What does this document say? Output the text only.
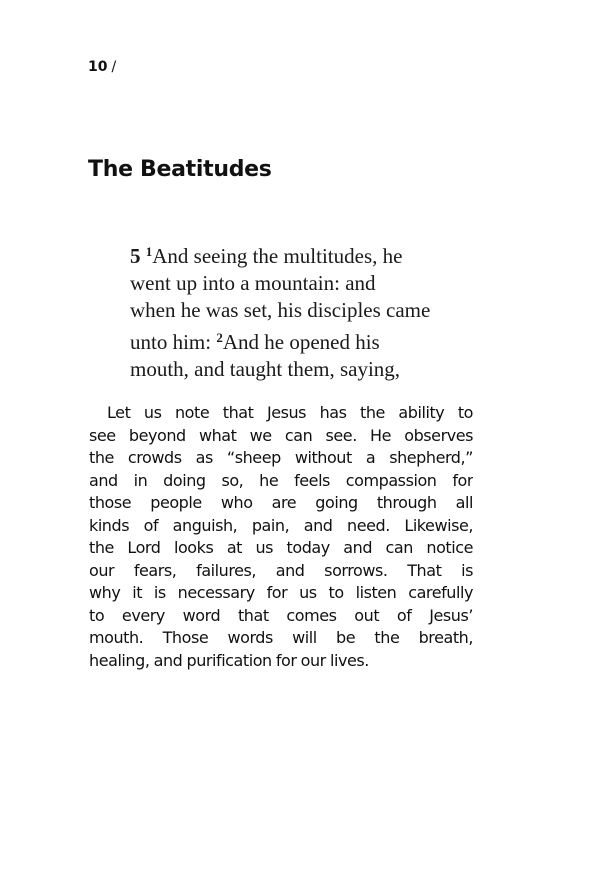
10 /
The Beatitudes
5 $^1$And seeing the multitudes, he
went up into a mountain: and
when he was set, his disciples came
unto him: $^2$And he opened his
mouth, and taught them, saying,
Let us note that Jesus has the ability to
see beyond what we can see. He observes
the crowds as “sheep without a shepherd,”
and in doing so, he feels compassion for
those people who are going through all
kinds of anguish, pain, and need. Likewise,
the Lord looks at us today and can notice
our fears, failures, and sorrows. That is
why it is necessary for us to listen carefully
to every word that comes out of Jesus’
mouth. Those words will be the breath,
healing, and purification for our lives.
